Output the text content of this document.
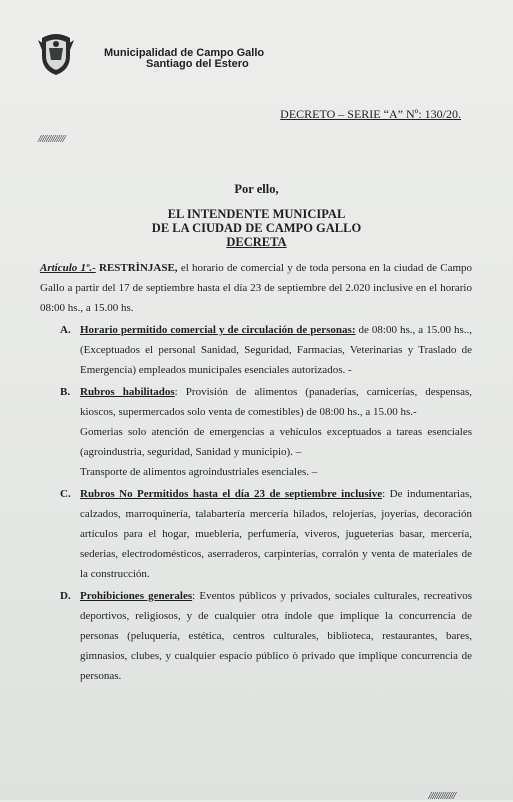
Municipalidad de Campo Gallo
Santiago del Estero
DECRETO – SERIE “A” Nº: 130/20.
/////////////
Por ello,
EL INTENDENTE MUNICIPAL
DE LA CIUDAD DE CAMPO GALLO
DECRETA
Artículo 1º.- RESTRÌNJASE, el horario de comercial y de toda persona en la ciudad de Campo Gallo a partir del 17 de septiembre hasta el día 23 de septiembre del 2.020 inclusive en el horario 08:00 hs., a 15.00 hs.
A. Horario permitido comercial y de circulación de personas: de 08:00 hs., a 15.00 hs.., (Exceptuados el personal Sanidad, Seguridad, Farmacias, Veterinarias y Traslado de Emergencia) empleados municipales esenciales autorizados. -
B. Rubros habilitados: Provisión de alimentos (panaderías, carnicerías, despensas, kioscos, supermercados solo venta de comestibles) de 08:00 hs., a 15.00 hs.-
Gomerias solo atención de emergencias a vehículos exceptuados a tareas esenciales (agroindustria, seguridad, Sanidad y municipio). –
Transporte de alimentos agroindustriales esenciales. –
C. Rubros No Permitidos hasta el día 23 de septiembre inclusive: De indumentarias, calzados, marroquinería, talabartería mercería hilados, relojerías, joyerías, decoración artículos para el hogar, muebleria, perfumería, viveros, jugueterias basar, mercería, sederias, electrodomésticos, aserraderos, carpinterías, corralón y venta de materiales de la construcción.
D. Prohibiciones generales: Eventos públicos y privados, sociales culturales, recreativos deportivos, religiosos, y de cualquier otra índole que implique la concurrencia de personas (peluquería, estética, centros culturales, biblioteca, restaurantes, bares, gimnasios, clubes, y cualquier espacio público ò privado que implique concurrencia de personas.
/////////////
